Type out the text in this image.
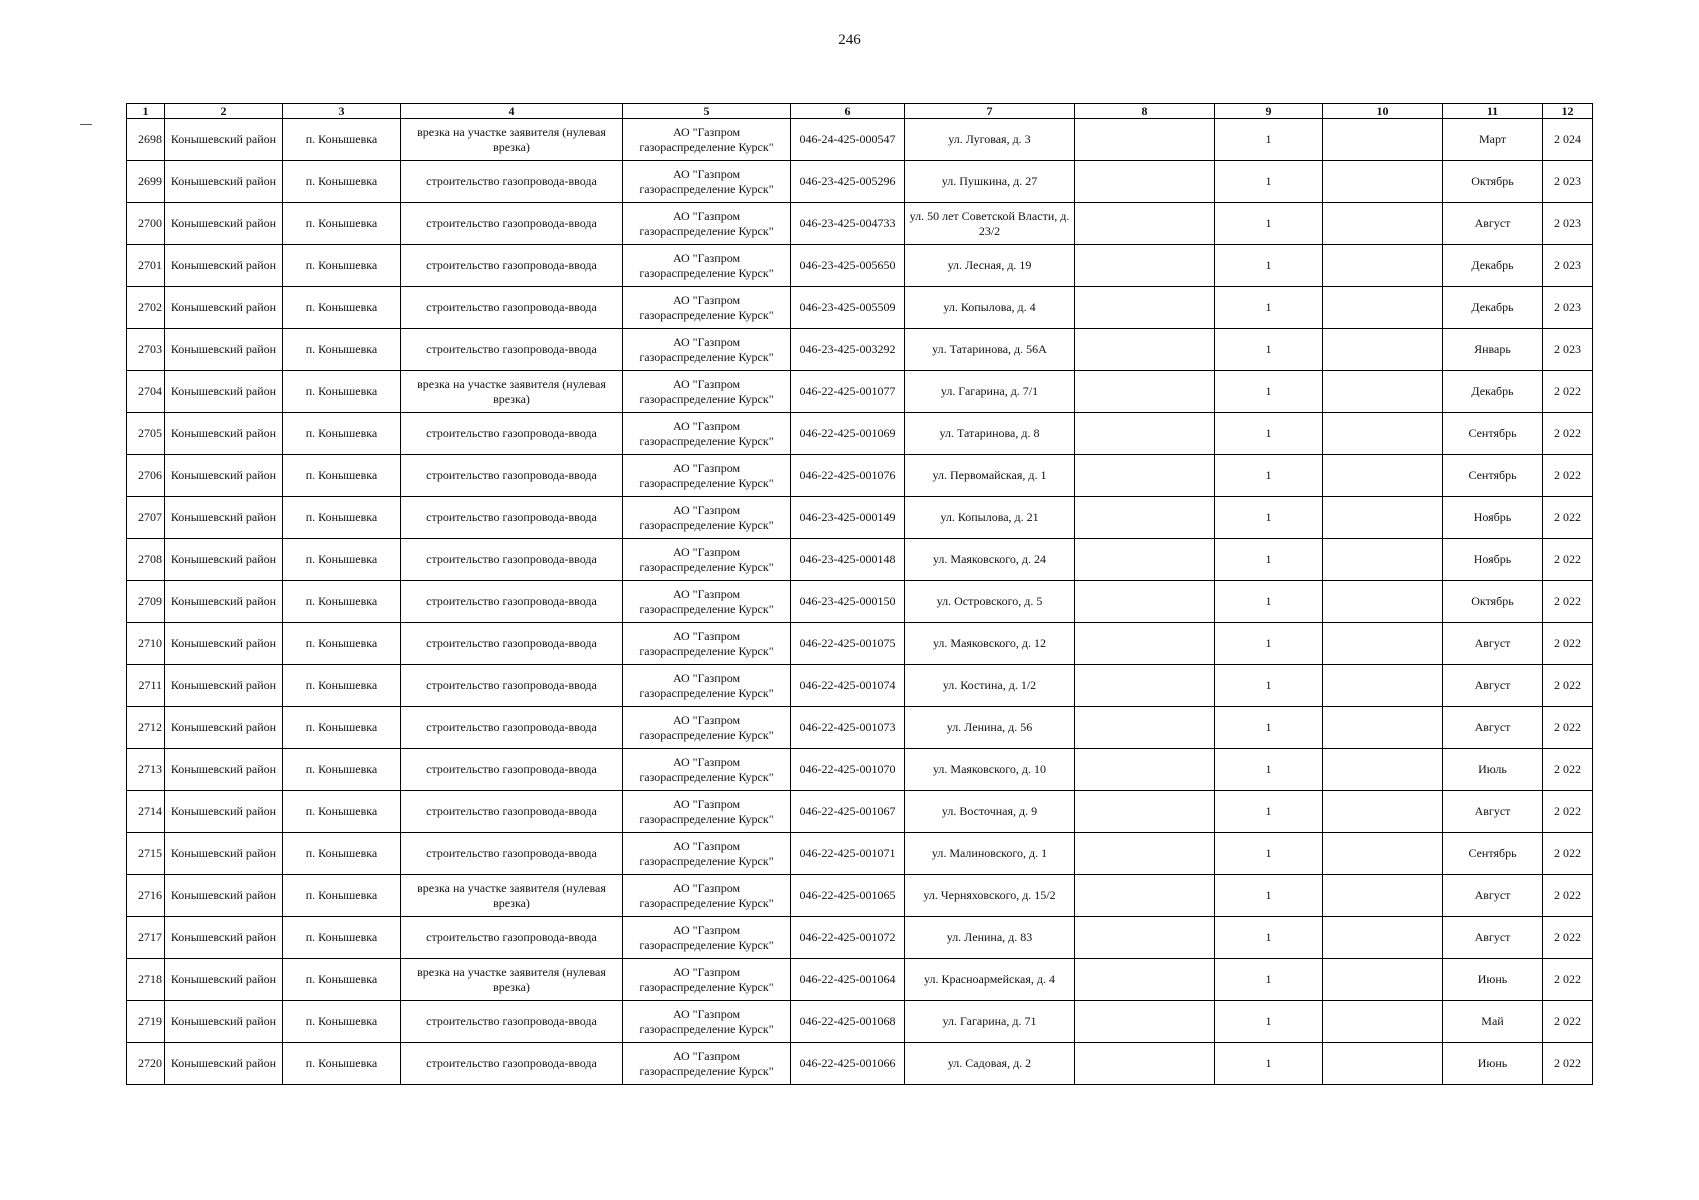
246
1	2	3	4	5	6	7	8	9	10	11	12
2698	Конышевский район	п. Конышевка	врезка на участке заявителя (нулевая врезка)	АО "Газпром газораспределение Курск"	046-24-425-000547	ул. Луговая, д. 3		1		Март	2 024
2699	Конышевский район	п. Конышевка	строительство газопровода-ввода	АО "Газпром газораспределение Курск"	046-23-425-005296	ул. Пушкина, д. 27		1		Октябрь	2 023
2700	Конышевский район	п. Конышевка	строительство газопровода-ввода	АО "Газпром газораспределение Курск"	046-23-425-004733	ул. 50 лет Советской Власти, д. 23/2		1		Август	2 023
2701	Конышевский район	п. Конышевка	строительство газопровода-ввода	АО "Газпром газораспределение Курск"	046-23-425-005650	ул. Лесная, д. 19		1		Декабрь	2 023
2702	Конышевский район	п. Конышевка	строительство газопровода-ввода	АО "Газпром газораспределение Курск"	046-23-425-005509	ул. Копылова, д. 4		1		Декабрь	2 023
2703	Конышевский район	п. Конышевка	строительство газопровода-ввода	АО "Газпром газораспределение Курск"	046-23-425-003292	ул. Татаринова, д. 56А		1		Январь	2 023
2704	Конышевский район	п. Конышевка	врезка на участке заявителя (нулевая врезка)	АО "Газпром газораспределение Курск"	046-22-425-001077	ул. Гагарина, д. 7/1		1		Декабрь	2 022
2705	Конышевский район	п. Конышевка	строительство газопровода-ввода	АО "Газпром газораспределение Курск"	046-22-425-001069	ул. Татаринова, д. 8		1		Сентябрь	2 022
2706	Конышевский район	п. Конышевка	строительство газопровода-ввода	АО "Газпром газораспределение Курск"	046-22-425-001076	ул. Первомайская, д. 1		1		Сентябрь	2 022
2707	Конышевский район	п. Конышевка	строительство газопровода-ввода	АО "Газпром газораспределение Курск"	046-23-425-000149	ул. Копылова, д. 21		1		Ноябрь	2 022
2708	Конышевский район	п. Конышевка	строительство газопровода-ввода	АО "Газпром газораспределение Курск"	046-23-425-000148	ул. Маяковского, д. 24		1		Ноябрь	2 022
2709	Конышевский район	п. Конышевка	строительство газопровода-ввода	АО "Газпром газораспределение Курск"	046-23-425-000150	ул. Островского, д. 5		1		Октябрь	2 022
2710	Конышевский район	п. Конышевка	строительство газопровода-ввода	АО "Газпром газораспределение Курск"	046-22-425-001075	ул. Маяковского, д. 12		1		Август	2 022
2711	Конышевский район	п. Конышевка	строительство газопровода-ввода	АО "Газпром газораспределение Курск"	046-22-425-001074	ул. Костина, д. 1/2		1		Август	2 022
2712	Конышевский район	п. Конышевка	строительство газопровода-ввода	АО "Газпром газораспределение Курск"	046-22-425-001073	ул. Ленина, д. 56		1		Август	2 022
2713	Конышевский район	п. Конышевка	строительство газопровода-ввода	АО "Газпром газораспределение Курск"	046-22-425-001070	ул. Маяковского, д. 10		1		Июль	2 022
2714	Конышевский район	п. Конышевка	строительство газопровода-ввода	АО "Газпром газораспределение Курск"	046-22-425-001067	ул. Восточная, д. 9		1		Август	2 022
2715	Конышевский район	п. Конышевка	строительство газопровода-ввода	АО "Газпром газораспределение Курск"	046-22-425-001071	ул. Малиновского, д. 1		1		Сентябрь	2 022
2716	Конышевский район	п. Конышевка	врезка на участке заявителя (нулевая врезка)	АО "Газпром газораспределение Курск"	046-22-425-001065	ул. Черняховского, д. 15/2		1		Август	2 022
2717	Конышевский район	п. Конышевка	строительство газопровода-ввода	АО "Газпром газораспределение Курск"	046-22-425-001072	ул. Ленина, д. 83		1		Август	2 022
2718	Конышевский район	п. Конышевка	врезка на участке заявителя (нулевая врезка)	АО "Газпром газораспределение Курск"	046-22-425-001064	ул. Красноармейская, д. 4		1		Июнь	2 022
2719	Конышевский район	п. Конышевка	строительство газопровода-ввода	АО "Газпром газораспределение Курск"	046-22-425-001068	ул. Гагарина, д. 71		1		Май	2 022
2720	Конышевский район	п. Конышевка	строительство газопровода-ввода	АО "Газпром газораспределение Курск"	046-22-425-001066	ул. Садовая, д. 2		1		Июнь	2 022
